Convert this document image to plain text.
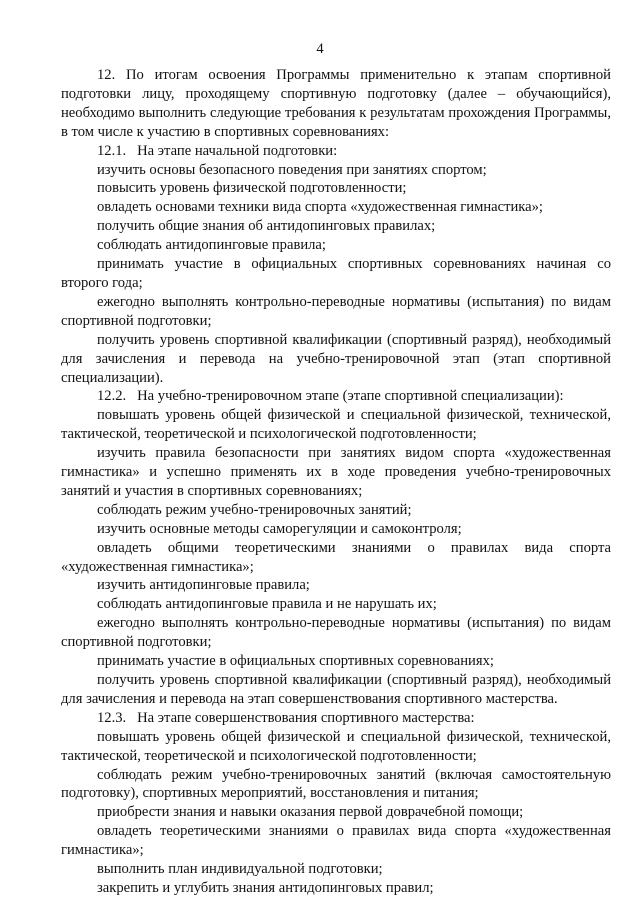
4

12. По итогам освоения Программы применительно к этапам спортивной подготовки лицу, проходящему спортивную подготовку (далее – обучающийся), необходимо выполнить следующие требования к результатам прохождения Программы, в том числе к участию в спортивных соревнованиях:

12.1.   На этапе начальной подготовки:

изучить основы безопасного поведения при занятиях спортом;

повысить уровень физической подготовленности;

овладеть основами техники вида спорта «художественная гимнастика»;

получить общие знания об антидопинговых правилах;

соблюдать антидопинговые правила;

принимать участие в официальных спортивных соревнованиях начиная со второго года;

ежегодно выполнять контрольно-переводные нормативы (испытания) по видам спортивной подготовки;

получить уровень спортивной квалификации (спортивный разряд), необходимый для зачисления и перевода на учебно-тренировочной этап (этап спортивной специализации).

12.2.   На учебно-тренировочном этапе (этапе спортивной специализации):

повышать уровень общей физической и специальной физической, технической, тактической, теоретической и психологической подготовленности;

изучить правила безопасности при занятиях видом спорта «художественная гимнастика» и успешно применять их в ходе проведения учебно-тренировочных занятий и участия в спортивных соревнованиях;

соблюдать режим учебно-тренировочных занятий;

изучить основные методы саморегуляции и самоконтроля;

овладеть общими теоретическими знаниями о правилах вида спорта «художественная гимнастика»;

изучить антидопинговые правила;

соблюдать антидопинговые правила и не нарушать их;

ежегодно выполнять контрольно-переводные нормативы (испытания) по видам спортивной подготовки;

принимать участие в официальных спортивных соревнованиях;

получить уровень спортивной квалификации (спортивный разряд), необходимый для зачисления и перевода на этап совершенствования спортивного мастерства.

12.3.   На этапе совершенствования спортивного мастерства:

повышать уровень общей физической и специальной физической, технической, тактической, теоретической и психологической подготовленности;

соблюдать режим учебно-тренировочных занятий (включая самостоятельную подготовку), спортивных мероприятий, восстановления и питания;

приобрести знания и навыки оказания первой доврачебной помощи;

овладеть теоретическими знаниями о правилах вида спорта «художественная гимнастика»;

выполнить план индивидуальной подготовки;

закрепить и углубить знания антидопинговых правил;
